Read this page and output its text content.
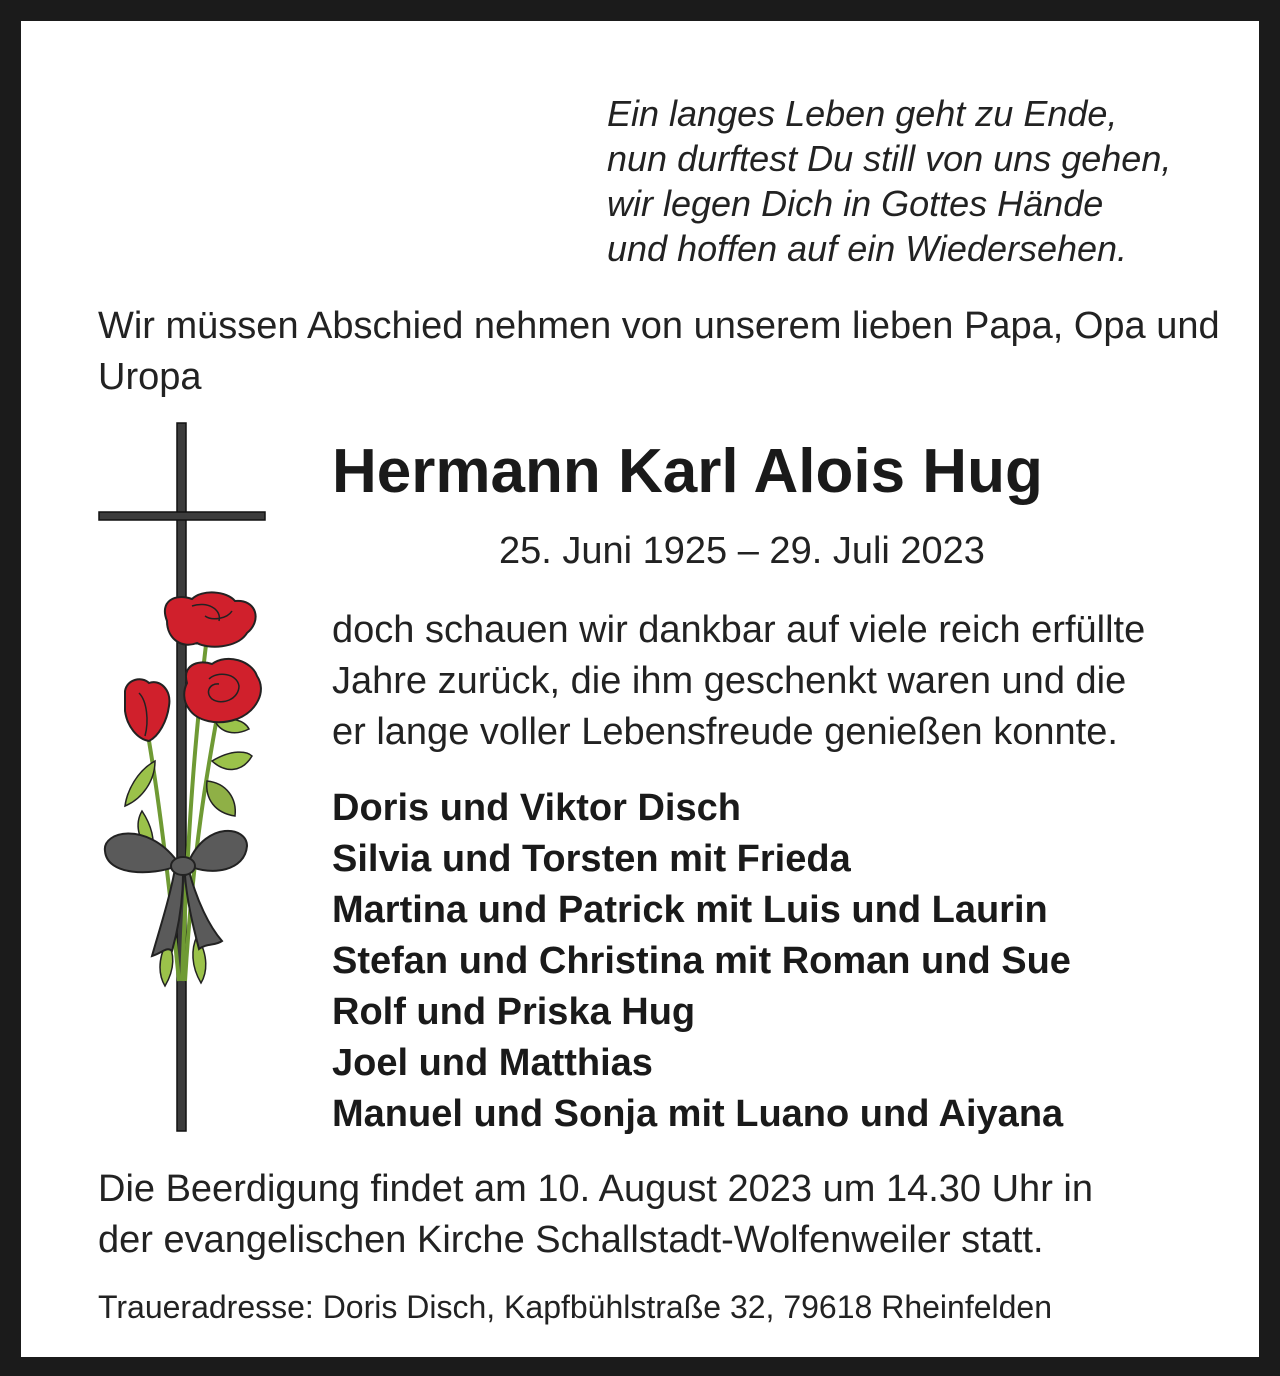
Ein langes Leben geht zu Ende,
nun durftest Du still von uns gehen,
wir legen Dich in Gottes Hände
und hoffen auf ein Wiedersehen.
Wir müssen Abschied nehmen von unserem lieben Papa, Opa und Uropa
Hermann Karl Alois Hug
25. Juni 1925 – 29. Juli 2023
doch schauen wir dankbar auf viele reich erfüllte
Jahre zurück, die ihm geschenkt waren und die
er lange voller Lebensfreude genießen konnte.
Doris und Viktor Disch
Silvia und Torsten mit Frieda
Martina und Patrick mit Luis und Laurin
Stefan und Christina mit Roman und Sue
Rolf und Priska Hug
Joel und Matthias
Manuel und Sonja mit Luano und Aiyana
Die Beerdigung findet am 10. August 2023 um 14.30 Uhr in
der evangelischen Kirche Schallstadt-Wolfenweiler statt.
Traueradresse: Doris Disch, Kapfbühlstraße 32, 79618 Rheinfelden
